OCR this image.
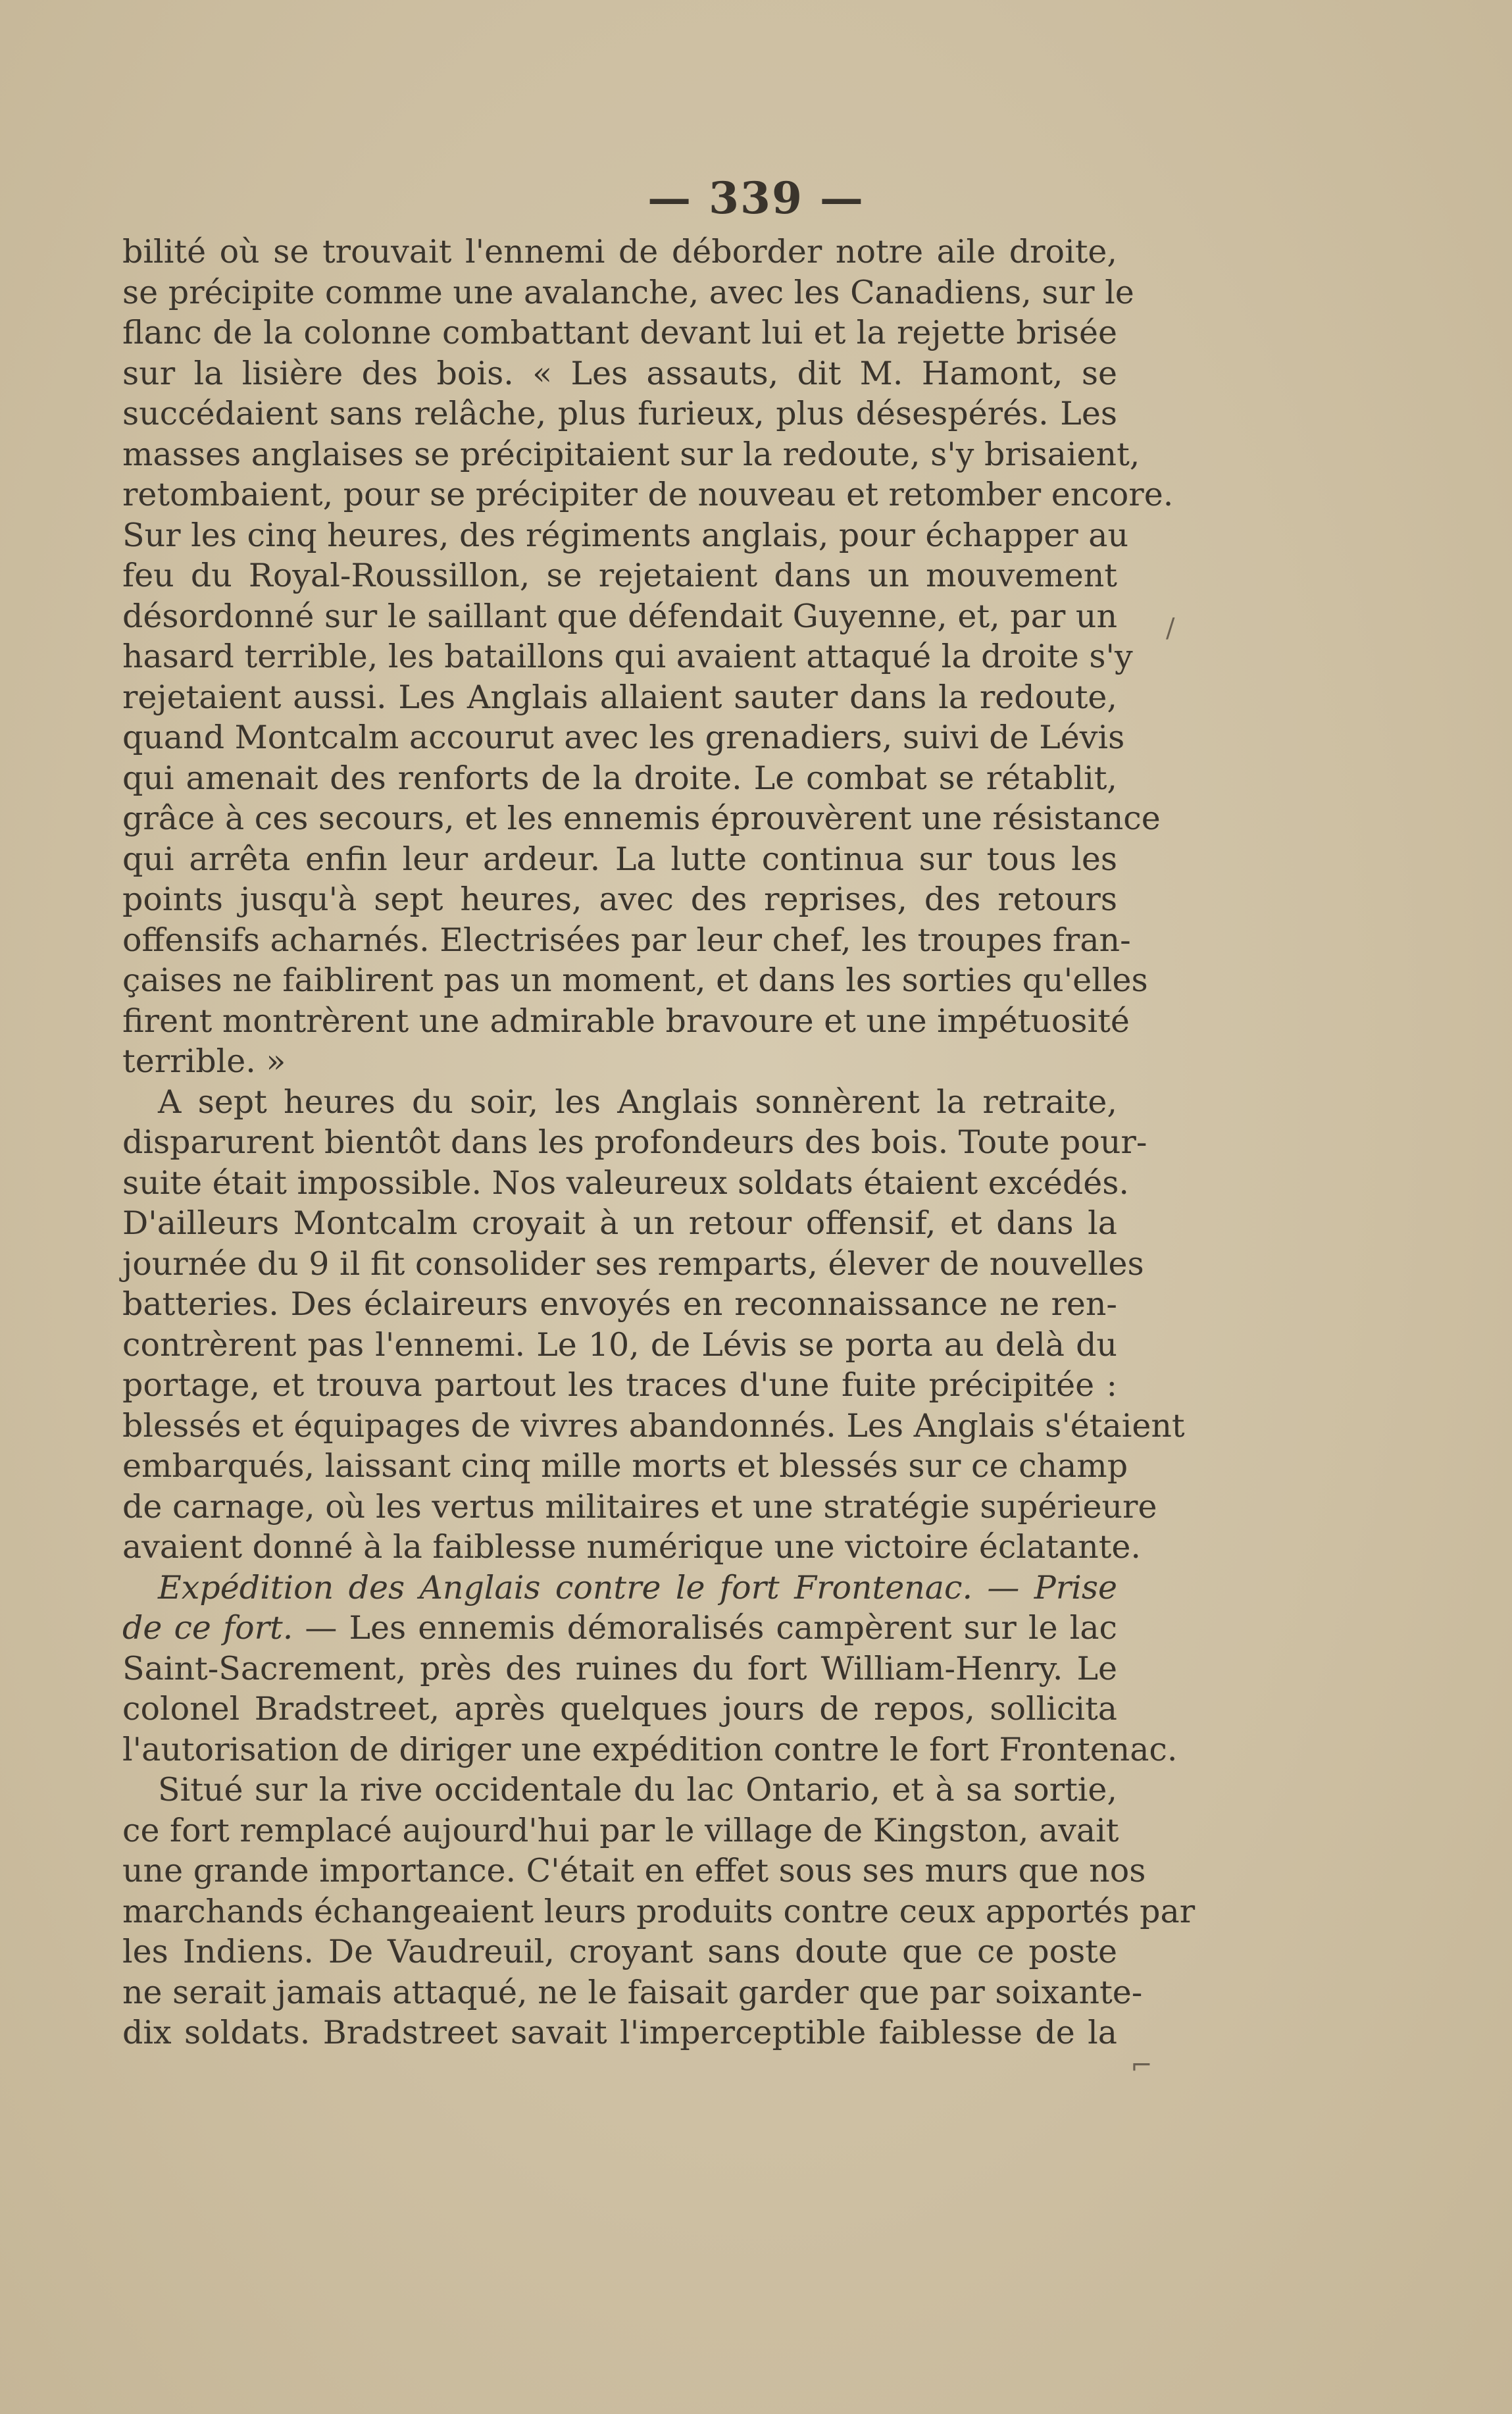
— 339 —
bilité où se trouvait l'ennemi de déborder notre aile droite,
se précipite comme une avalanche, avec les Canadiens, sur le
flanc de la colonne combattant devant lui et la rejette brisée
sur la lisière des bois. « Les assauts, dit M. Hamont, se
succédaient sans relâche, plus furieux, plus désespérés. Les
masses anglaises se précipitaient sur la redoute, s'y brisaient,
retombaient, pour se précipiter de nouveau et retomber encore.
Sur les cinq heures, des régiments anglais, pour échapper au
feu du Royal-Roussillon, se rejetaient dans un mouvement
désordonné sur le saillant que défendait Guyenne, et, par un
hasard terrible, les bataillons qui avaient attaqué la droite s'y
rejetaient aussi. Les Anglais allaient sauter dans la redoute,
quand Montcalm accourut avec les grenadiers, suivi de Lévis
qui amenait des renforts de la droite. Le combat se rétablit,
grâce à ces secours, et les ennemis éprouvèrent une résistance
qui arrêta enfin leur ardeur. La lutte continua sur tous les
points jusqu'à sept heures, avec des reprises, des retours
offensifs acharnés. Electrisées par leur chef, les troupes fran-
çaises ne faiblirent pas un moment, et dans les sorties qu'elles
firent montrèrent une admirable bravoure et une impétuosité
terrible. »
A sept heures du soir, les Anglais sonnèrent la retraite,
disparurent bientôt dans les profondeurs des bois. Toute pour-
suite était impossible. Nos valeureux soldats étaient excédés.
D'ailleurs Montcalm croyait à un retour offensif, et dans la
journée du 9 il fit consolider ses remparts, élever de nouvelles
batteries. Des éclaireurs envoyés en reconnaissance ne ren-
contrèrent pas l'ennemi. Le 10, de Lévis se porta au delà du
portage, et trouva partout les traces d'une fuite précipitée :
blessés et équipages de vivres abandonnés. Les Anglais s'étaient
embarqués, laissant cinq mille morts et blessés sur ce champ
de carnage, où les vertus militaires et une stratégie supérieure
avaient donné à la faiblesse numérique une victoire éclatante.
Expédition des Anglais contre le fort Frontenac. — Prise
de ce fort. — Les ennemis démoralisés campèrent sur le lac
Saint-Sacrement, près des ruines du fort William-Henry. Le
colonel Bradstreet, après quelques jours de repos, sollicita
l'autorisation de diriger une expédition contre le fort Frontenac.
Situé sur la rive occidentale du lac Ontario, et à sa sortie,
ce fort remplacé aujourd'hui par le village de Kingston, avait
une grande importance. C'était en effet sous ses murs que nos
marchands échangeaient leurs produits contre ceux apportés par
les Indiens. De Vaudreuil, croyant sans doute que ce poste
ne serait jamais attaqué, ne le faisait garder que par soixante-
dix soldats. Bradstreet savait l'imperceptible faiblesse de la
/
⌐
